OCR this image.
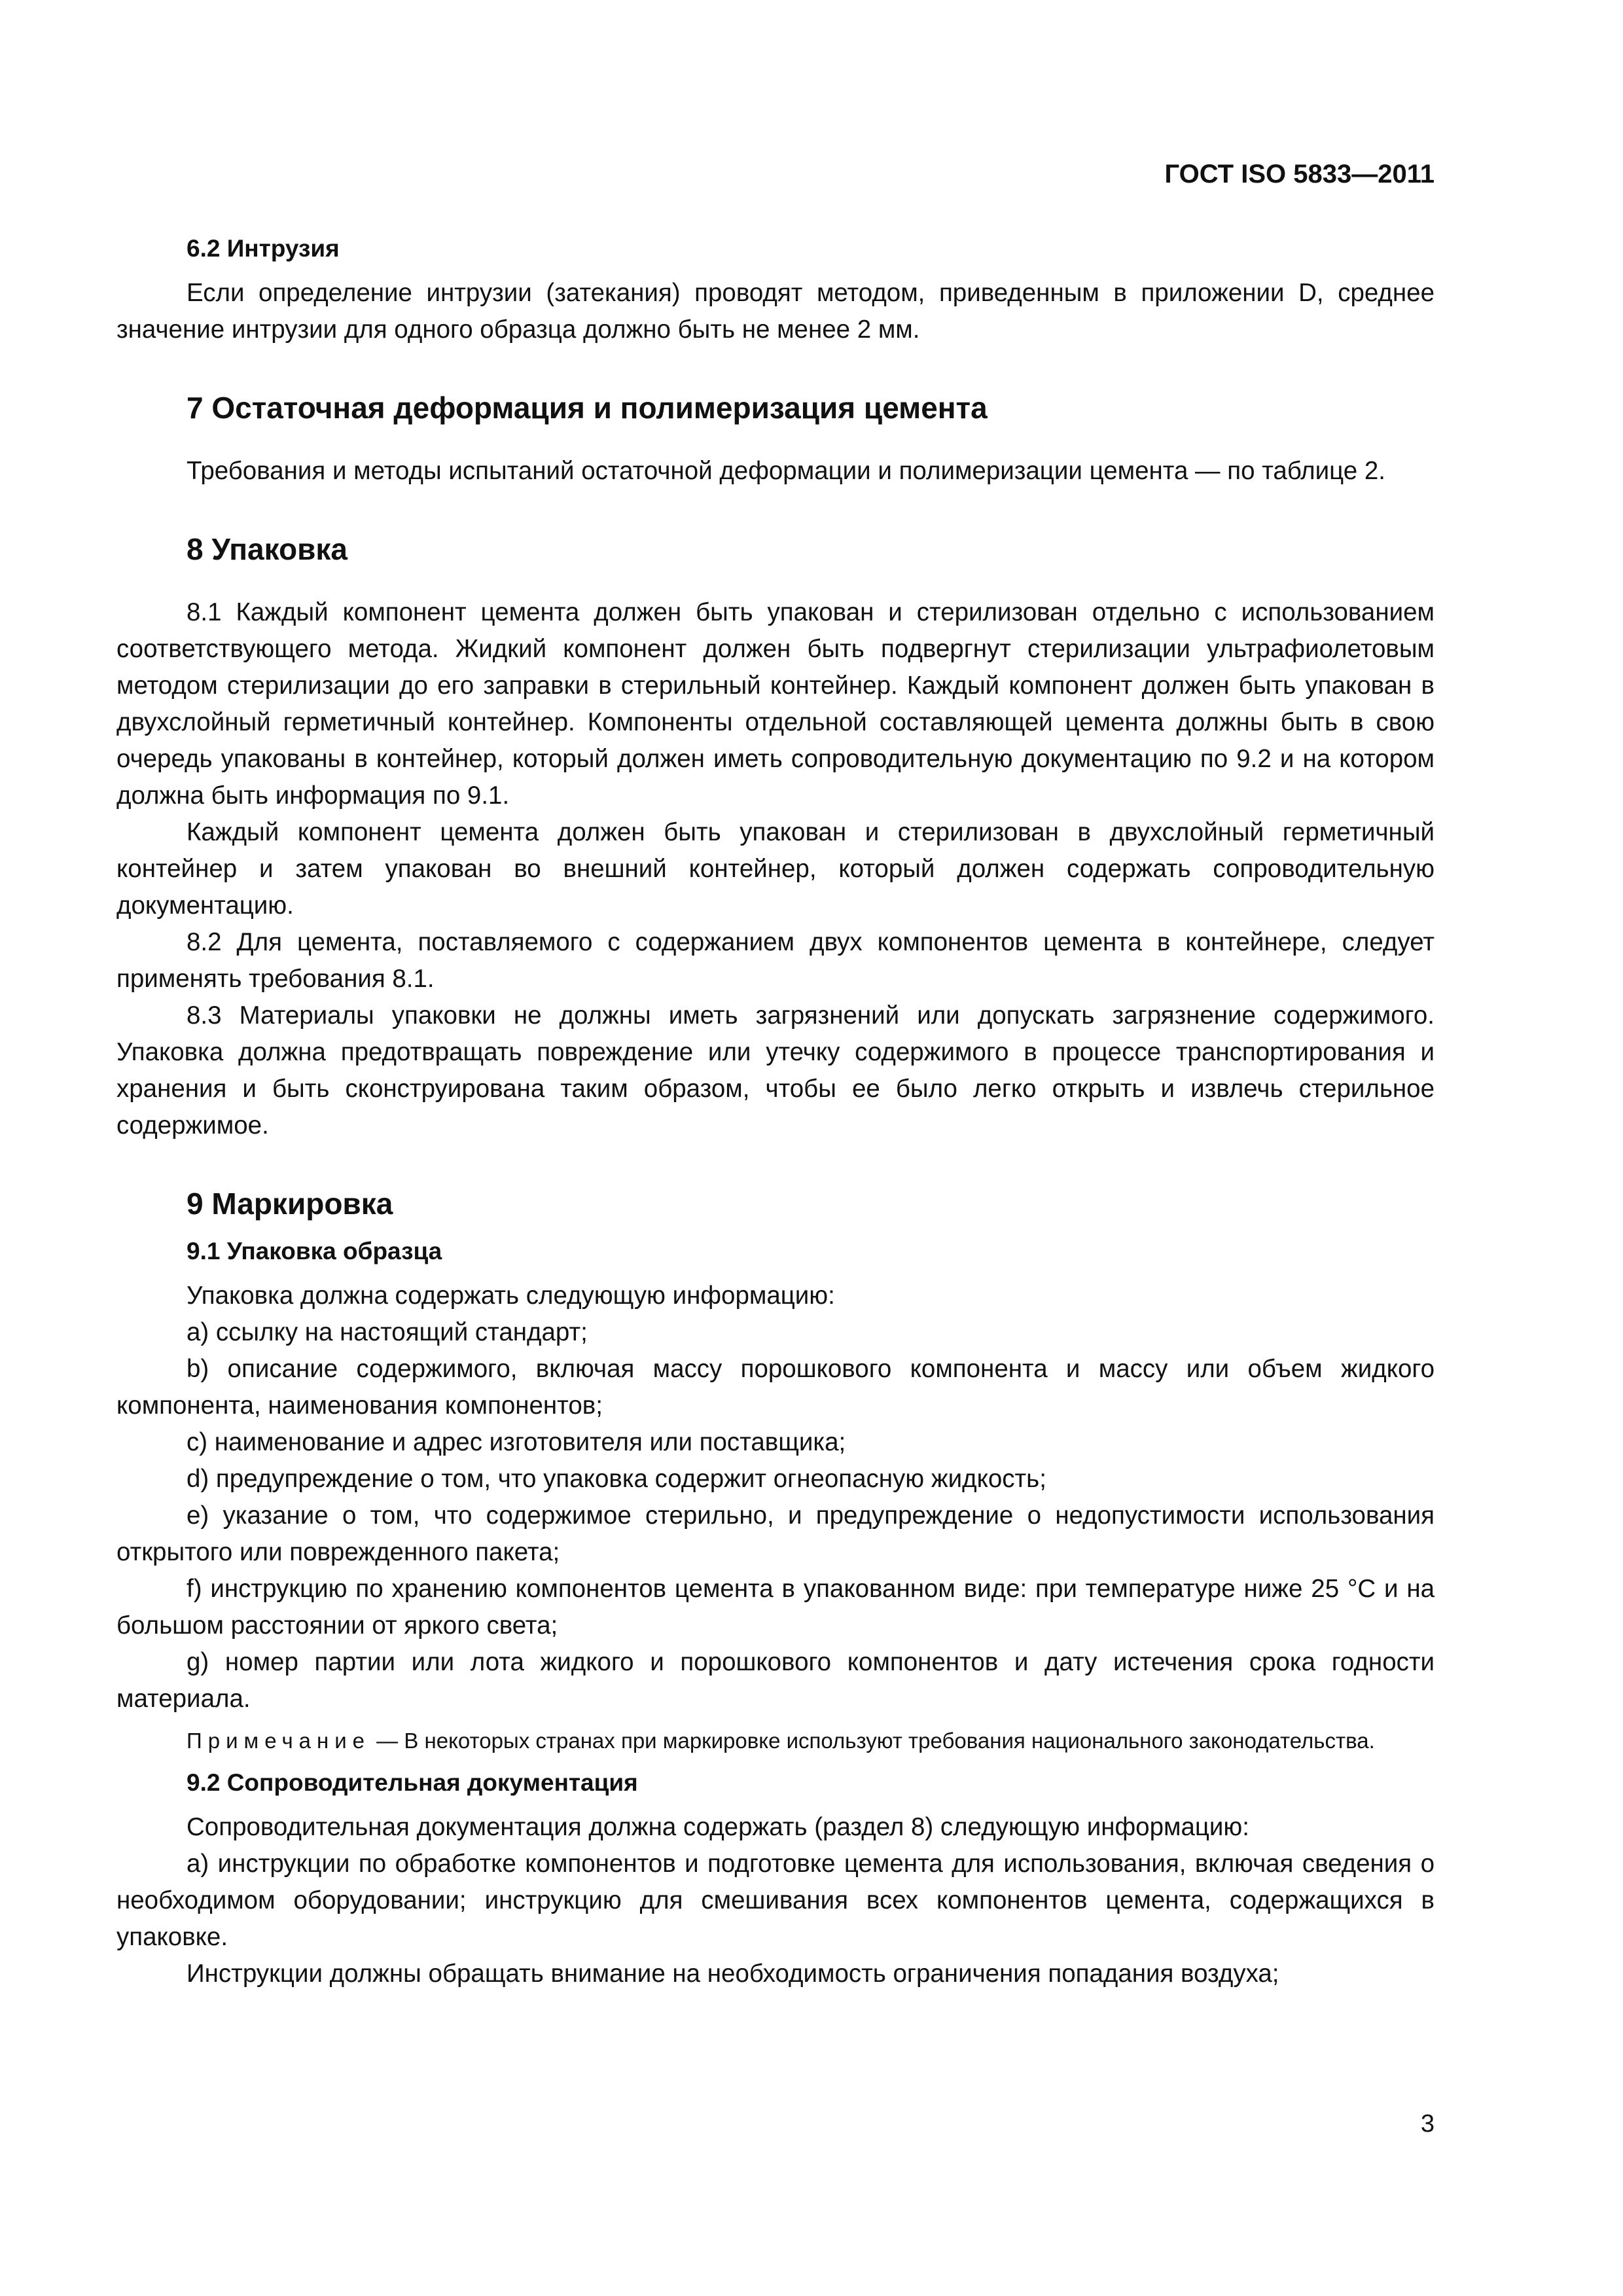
ГОСТ ISO 5833—2011
6.2 Интрузия

Если определение интрузии (затекания) проводят методом, приведенным в приложении D, среднее значение интрузии для одного образца должно быть не менее 2 мм.

7 Остаточная деформация и полимеризация цемента

Требования и методы испытаний остаточной деформации и полимеризации цемента — по таблице 2.

8 Упаковка

8.1 Каждый компонент цемента должен быть упакован и стерилизован отдельно с использованием соответствующего метода. Жидкий компонент должен быть подвергнут стерилизации ультрафиолетовым методом стерилизации до его заправки в стерильный контейнер. Каждый компонент должен быть упакован в двухслойный герметичный контейнер. Компоненты отдельной составляющей цемента должны быть в свою очередь упакованы в контейнер, который должен иметь сопроводительную документацию по 9.2 и на котором должна быть информация по 9.1.

Каждый компонент цемента должен быть упакован и стерилизован в двухслойный герметичный контейнер и затем упакован во внешний контейнер, который должен содержать сопроводительную документацию.

8.2 Для цемента, поставляемого с содержанием двух компонентов цемента в контейнере, следует применять требования 8.1.

8.3 Материалы упаковки не должны иметь загрязнений или допускать загрязнение содержимого. Упаковка должна предотвращать повреждение или утечку содержимого в процессе транспортирования и хранения и быть сконструирована таким образом, чтобы ее было легко открыть и извлечь стерильное содержимое.

9 Маркировка
9.1 Упаковка образца

Упаковка должна содержать следующую информацию:

а) ссылку на настоящий стандарт;

b) описание содержимого, включая массу порошкового компонента и массу или объем жидкого компонента, наименования компонентов;

с) наименование и адрес изготовителя или поставщика;

d) предупреждение о том, что упаковка содержит огнеопасную жидкость;

е) указание о том, что содержимое стерильно, и предупреждение о недопустимости использования открытого или поврежденного пакета;

f) инструкцию по хранению компонентов цемента в упакованном виде: при температуре ниже 25 °С и на большом расстоянии от яркого света;

g) номер партии или лота жидкого и порошкового компонентов и дату истечения срока годности материала.

Примечание — В некоторых странах при маркировке используют требования национального законодательства.

9.2 Сопроводительная документация

Сопроводительная документация должна содержать (раздел 8) следующую информацию:

а) инструкции по обработке компонентов и подготовке цемента для использования, включая сведения о необходимом оборудовании; инструкцию для смешивания всех компонентов цемента, содержащихся в упаковке.

Инструкции должны обращать внимание на необходимость ограничения попадания воздуха;

3
